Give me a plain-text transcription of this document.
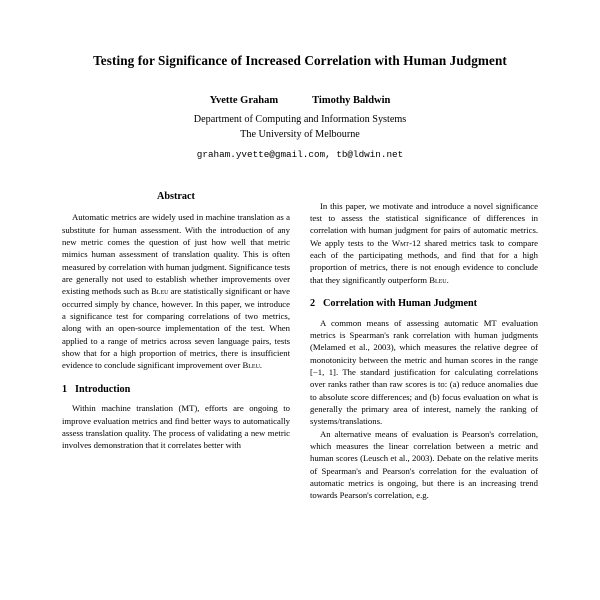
Testing for Significance of Increased Correlation with Human Judgment
Yvette Graham	Timothy Baldwin
Department of Computing and Information Systems
The University of Melbourne
graham.yvette@gmail.com, tb@ldwin.net
Abstract

Automatic metrics are widely used in machine translation as a substitute for human assessment. With the introduction of any new metric comes the question of just how well that metric mimics human assessment of translation quality. This is often measured by correlation with human judgment. Significance tests are generally not used to establish whether improvements over existing methods such as Bleu are statistically significant or have occurred simply by chance, however. In this paper, we introduce a significance test for comparing correlations of two metrics, along with an open-source implementation of the test. When applied to a range of metrics across seven language pairs, tests show that for a high proportion of metrics, there is insufficient evidence to conclude significant improvement over Bleu.

1 Introduction

Within machine translation (MT), efforts are ongoing to improve evaluation metrics and find better ways to automatically assess translation quality. The process of validating a new metric involves demonstration that it correlates better with

In this paper, we motivate and introduce a novel significance test to assess the statistical significance of differences in correlation with human judgment for pairs of automatic metrics. We apply tests to the Wmt-12 shared metrics task to compare each of the participating methods, and find that for a high proportion of metrics, there is not enough evidence to conclude that they significantly outperform Bleu.

2 Correlation with Human Judgment

A common means of assessing automatic MT evaluation metrics is Spearman's rank correlation with human judgments (Melamed et al., 2003), which measures the relative degree of monotonicity between the metric and human scores in the range [−1, 1]. The standard justification for calculating correlations over ranks rather than raw scores is to: (a) reduce anomalies due to absolute score differences; and (b) focus evaluation on what is generally the primary area of interest, namely the ranking of systems/translations.

An alternative means of evaluation is Pearson's correlation, which measures the linear correlation between a metric and human scores (Leusch et al., 2003). Debate on the relative merits of Spearman's and Pearson's correlation for the evaluation of automatic metrics is ongoing, but there is an increasing trend towards Pearson's correlation, e.g.
